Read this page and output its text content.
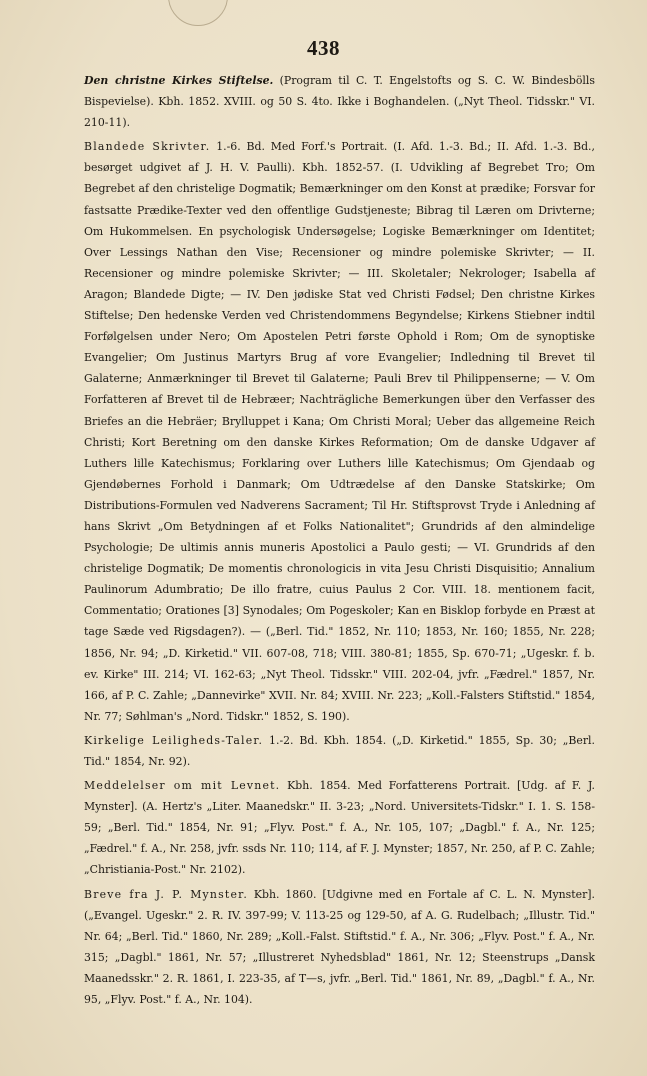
438

Den christne Kirkes Stiftelse. (Program til C. T. Engelstofts og S. C. W. Bindesbölls Bispevielse). Kbh. 1852. XVIII. og 50 S. 4to. Ikke i Boghandelen. („Nyt Theol. Tidsskr." VI. 210-11).

Blandede Skrivter. 1.-6. Bd. Med Forf.'s Portrait. (I. Afd. 1.-3. Bd.; II. Afd. 1.-3. Bd., besørget udgivet af J. H. V. Paulli). Kbh. 1852-57. (I. Udvikling af Begrebet Tro; Om Begrebet af den christelige Dogmatik; Bemærkninger om den Konst at prædike; Forsvar for fastsatte Prædike-Texter ved den offentlige Gudstjeneste; Bibrag til Læren om Drivterne; Om Hukommelsen. En psychologisk Undersøgelse; Logiske Bemærkninger om Identitet; Over Lessings Nathan den Vise; Recensioner og mindre polemiske Skrivter; — II. Recensioner og mindre polemiske Skrivter; — III. Skoletaler; Nekrologer; Isabella af Aragon; Blandede Digte; — IV. Den jødiske Stat ved Christi Fødsel; Den christne Kirkes Stiftelse; Den hedenske Verden ved Christendommens Begyndelse; Kirkens Stiebner indtil Forfølgelsen under Nero; Om Apostelen Petri første Ophold i Rom; Om de synoptiske Evangelier; Om Justinus Martyrs Brug af vore Evangelier; Indledning til Brevet til Galaterne; Anmærkninger til Brevet til Galaterne; Pauli Brev til Philippenserne; — V. Om Forfatteren af Brevet til de Hebræer; Nachträgliche Bemerkungen über den Verfasser des Briefes an die Hebräer; Brylluppet i Kana; Om Christi Moral; Ueber das allgemeine Reich Christi; Kort Beretning om den danske Kirkes Reformation; Om de danske Udgaver af Luthers lille Katechismus; Forklaring over Luthers lille Katechismus; Om Gjendaab og Gjendøbernes Forhold i Danmark; Om Udtrædelse af den Danske Statskirke; Om Distributions-Formulen ved Nadverens Sacrament; Til Hr. Stiftsprovst Trydе i Anledning af hans Skrivt „Om Betydningen af et Folks Nationalitet"; Grundrids af den almindelige Psychologie; De ultimis annis muneris Apostolici a Paulo gesti; — VI. Grundrids af den christelige Dogmatik; De momentis chronologicis in vita Jesu Christi Disquisitio; Annalium Paulinorum Adumbratio; De illo fratre, cuius Paulus 2 Cor. VIII. 18. mentionem facit, Commentatio; Orationes [3] Synodales; Om Pogeskoler; Kan en Bisklop forbyde en Præst at tage Sæde ved Rigsdagen?). — („Berl. Tid." 1852, Nr. 110; 1853, Nr. 160; 1855, Nr. 228; 1856, Nr. 94; „D. Kirketid." VII. 607-08, 718; VIII. 380-81; 1855, Sp. 670-71; „Ugeskr. f. b. ev. Kirke" III. 214; VI. 162-63; „Nyt Theol. Tidsskr." VIII. 202-04, jvfr. „Fædrel." 1857, Nr. 166, af P. C. Zahle; „Dannevirke" XVII. Nr. 84; XVIII. Nr. 223; „Koll.-Falsters Stiftstid." 1854, Nr. 77; Søhlman's „Nord. Tidskr." 1852, S. 190).

Kirkelige Leiligheds-Taler. 1.-2. Bd. Kbh. 1854. („D. Kirketid." 1855, Sp. 30; „Berl. Tid." 1854, Nr. 92).

Meddelelser om mit Levnet. Kbh. 1854. Med Forfatterens Portrait. [Udg. af F. J. Mynster]. (A. Hertz's „Liter. Maanedskr." II. 3-23; „Nord. Universitets-Tidskr." I. 1. S. 158-59; „Berl. Tid." 1854, Nr. 91; „Flyv. Post." f. A., Nr. 105, 107; „Dagbl." f. A., Nr. 125; „Fædrel." f. A., Nr. 258, jvfr. ssds Nr. 110; 114, af F. J. Mynster; 1857, Nr. 250, af P. C. Zahle; „Christiania-Post." Nr. 2102).

Breve fra J. P. Mynster. Kbh. 1860. [Udgivne med en Fortale af C. L. N. Mynster]. („Evangel. Ugeskr." 2. R. IV. 397-99; V. 113-25 og 129-50, af A. G. Rudelbach; „Illustr. Tid." Nr. 64; „Berl. Tid." 1860, Nr. 289; „Koll.-Falst. Stiftstid." f. A., Nr. 306; „Flyv. Post." f. A., Nr. 315; „Dagbl." 1861, Nr. 57; „Illustreret Nyhedsblad" 1861, Nr. 12; Steenstrups „Dansk Maanedsskr." 2. R. 1861, I. 223-35, af T—s, jvfr. „Berl. Tid." 1861, Nr. 89, „Dagbl." f. A., Nr. 95, „Flyv. Post." f. A., Nr. 104).
